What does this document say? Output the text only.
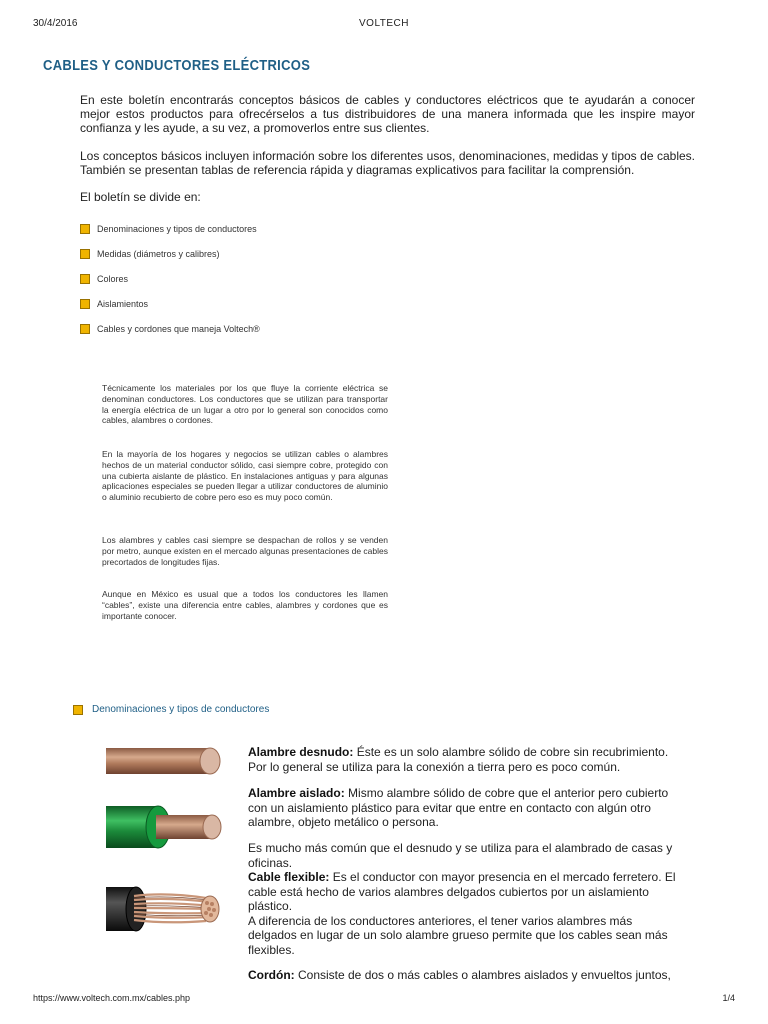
30/4/2016	VOLTECH
CABLES Y CONDUCTORES ELÉCTRICOS

En este boletín encontrarás conceptos básicos de cables y conductores eléctricos que te ayudarán a conocer mejor estos productos para ofrecérselos a tus distribuidores de una manera informada que les inspire mayor confianza y les ayude, a su vez, a promoverlos entre sus clientes.

Los conceptos básicos incluyen información sobre los diferentes usos, denominaciones, medidas y tipos de cables. También se presentan tablas de referencia rápida y diagramas explicativos para facilitar la comprensión.

El boletín se divide en:

Denominaciones y tipos de conductores
Medidas (diámetros y calibres)
Colores
Aislamientos
Cables y cordones que maneja Voltech®

Técnicamente los materiales por los que fluye la corriente eléctrica se denominan conductores. Los conductores que se utilizan para transportar la energía eléctrica de un lugar a otro por lo general son conocidos como cables, alambres o cordones.

En la mayoría de los hogares y negocios se utilizan cables o alambres hechos de un material conductor sólido, casi siempre cobre, protegido con una cubierta aislante de plástico. En instalaciones antiguas y para algunas aplicaciones especiales se pueden llegar a utilizar conductores de aluminio o aluminio recubierto de cobre pero eso es muy poco común.

Los alambres y cables casi siempre se despachan de rollos y se venden por metro, aunque existen en el mercado algunas presentaciones de cables precortados de longitudes fijas.

Aunque en México es usual que a todos los conductores les llamen “cables”, existe una diferencia entre cables, alambres y cordones que es importante conocer.

Denominaciones y tipos de conductores

Alambre desnudo: Éste es un solo alambre sólido de cobre sin recubrimiento. Por lo general se utiliza para la conexión a tierra pero es poco común.

Alambre aislado: Mismo alambre sólido de cobre que el anterior pero cubierto con un aislamiento plástico para evitar que entre en contacto con algún otro alambre, objeto metálico o persona.

Es mucho más común que el desnudo y se utiliza para el alambrado de casas y oficinas.

Cable flexible: Es el conductor con mayor presencia en el mercado ferretero. El cable está hecho de varios alambres delgados cubiertos por un aislamiento plástico.
A diferencia de los conductores anteriores, el tener varios alambres más delgados en lugar de un solo alambre grueso permite que los cables sean más flexibles.

Cordón: Consiste de dos o más cables o alambres aislados y envueltos juntos,

https://www.voltech.com.mx/cables.php	1/4
